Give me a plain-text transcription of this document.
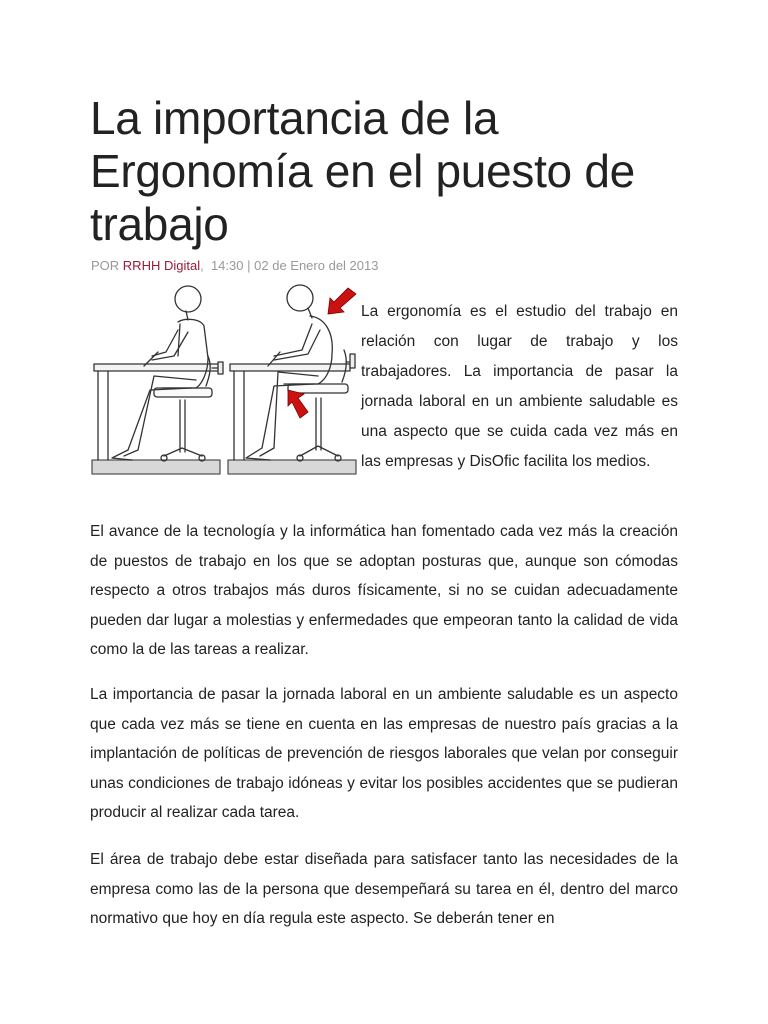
La importancia de la Ergonomía en el puesto de trabajo
POR RRHH Digital, 14:30 | 02 de Enero del 2013

La ergonomía es el estudio del trabajo en relación con lugar de trabajo y los trabajadores. La importancia de pasar la jornada laboral en un ambiente saludable es una aspecto que se cuida cada vez más en las empresas y DisOfic facilita los medios.

El avance de la tecnología y la informática han fomentado cada vez más la creación de puestos de trabajo en los que se adoptan posturas que, aunque son cómodas respecto a otros trabajos más duros físicamente, si no se cuidan adecuadamente pueden dar lugar a molestias y enfermedades que empeoran tanto la calidad de vida como la de las tareas a realizar.

La importancia de pasar la jornada laboral en un ambiente saludable es un aspecto que cada vez más se tiene en cuenta en las empresas de nuestro país gracias a la implantación de políticas de prevención de riesgos laborales que velan por conseguir unas condiciones de trabajo idóneas y evitar los posibles accidentes que se pudieran producir al realizar cada tarea.

El área de trabajo debe estar diseñada para satisfacer tanto las necesidades de la empresa como las de la persona que desempeñará su tarea en él, dentro del marco normativo que hoy en día regula este aspecto. Se deberán tener en
